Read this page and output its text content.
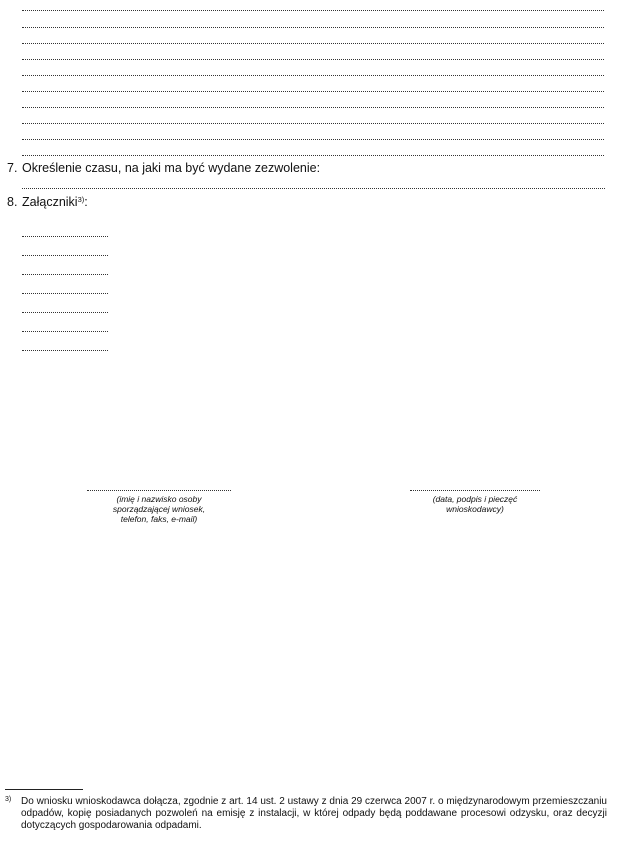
7. Określenie czasu, na jaki ma być wydane zezwolenie:
8. Załączniki$^{3)}$:
(imię i nazwisko osoby
sporządzającej wniosek,
telefon, faks, e-mail)
(data, podpis i pieczęć
wnioskodawcy)
3) Do wniosku wnioskodawca dołącza, zgodnie z art. 14 ust. 2 ustawy z dnia 29 czerwca 2007 r. o międzynarodowym przemieszczaniu odpadów, kopię posiadanych pozwoleń na emisję z instalacji, w której odpady będą poddawane procesowi odzysku, oraz decyzji dotyczących gospodarowania odpadami.
